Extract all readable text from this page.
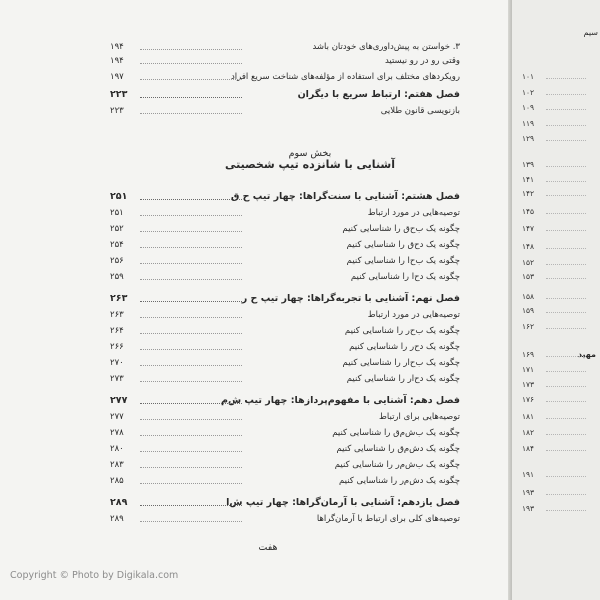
۳. خواستن به پیش‌داوری‌های خودتان باشد
۱۹۴
وقتی رو در رو نیستید
۱۹۴
رویکردهای مختلف برای استفاده از مؤلفه‌های شناخت سریع افراد
۱۹۷
فصل هفتم: ارتباط سریع با دیگران
۲۲۳
بازنویسی قانون طلایی
۲۲۳
فصل هشتم: آشنایی با سنت‌گراها: چهار تیپ ح ق
۲۵۱
توصیه‌هایی در مورد ارتباط
۲۵۱
چگونه یک ب‌ح‌ق را شناسایی کنیم
۲۵۲
چگونه یک د‌ح‌ق را شناسایی کنیم
۲۵۴
چگونه یک ب‌ح‌ا را شناسایی کنیم
۲۵۶
چگونه یک د‌ح‌ا را شناسایی کنیم
۲۵۹
فصل نهم: آشنایی با تجربه‌گراها: چهار تیپ ح ر
۲۶۳
توصیه‌هایی در مورد ارتباط
۲۶۳
چگونه یک ب‌ح‌ر را شناسایی کنیم
۲۶۴
چگونه یک د‌ح‌ر را شناسایی کنیم
۲۶۶
چگونه یک ب‌ح‌ار را شناسایی کنیم
۲۷۰
چگونه یک د‌ح‌ار را شناسایی کنیم
۲۷۳
فصل دهم: آشنایی با مفهوم‌پردازها: چهار تیپ ش‌م
۲۷۷
توصیه‌هایی برای ارتباط
۲۷۷
چگونه یک ب‌ش‌م‌ق را شناسایی کنیم
۲۷۸
چگونه یک د‌ش‌م‌ق را شناسایی کنیم
۲۸۰
چگونه یک ب‌ش‌م‌ر را شناسایی کنیم
۲۸۳
چگونه یک د‌ش‌م‌ر را شناسایی کنیم
۲۸۵
فصل یازدهم: آشنایی با آرمان‌گراها: چهار تیپ ش‌ا
۲۸۹
توصیه‌های کلی برای ارتباط با آرمان‌گراها
۲۸۹
بخش سوم
آشنایی با شانزده تیپ شخصیتی
هفت
Copyright © Photo by Digikala.com
سیم
مهید
۱۰۱
۱۰۲
۱۰۹
۱۱۹
۱۲۹
۱۳۹
۱۴۱
۱۴۲
۱۴۵
۱۴۷
۱۴۸
۱۵۲
۱۵۳
۱۵۸
۱۵۹
۱۶۲
۱۶۹
۱۷۱
۱۷۳
۱۷۶
۱۸۱
۱۸۲
۱۸۴
۱۹۱
۱۹۳
۱۹۳
